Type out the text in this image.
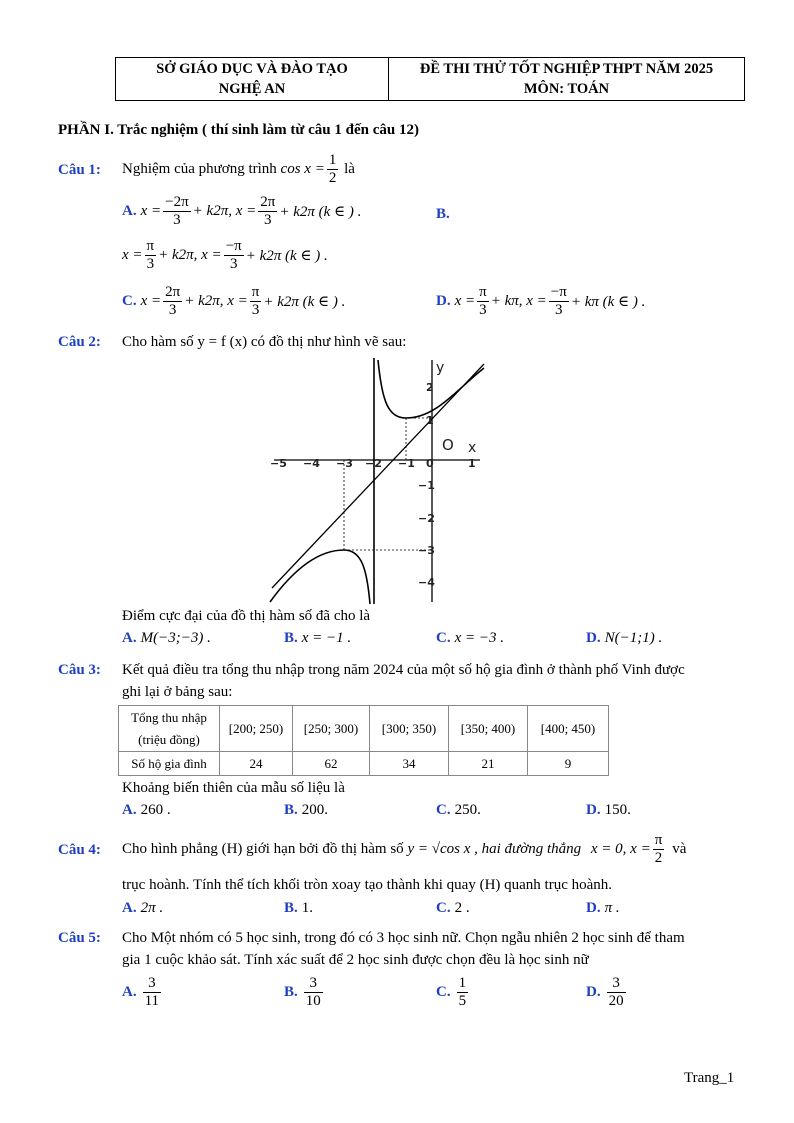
SỞ GIÁO DỤC VÀ ĐÀO TẠO
NGHỆ AN

ĐỀ THI THỬ TỐT NGHIỆP THPT NĂM 2025
MÔN: TOÁN
PHẦN I. Trắc nghiệm ( thí sinh làm từ câu 1 đến câu 12)
Câu 1: Nghiệm của phương trình
$\cos x = \frac{1}{2}$
là
A. $x = \frac{-2\pi}{3} + k2\pi$, $x = \frac{2\pi}{3} + k2\pi$ (k ∈ ) .	B.
$x = \frac{\pi}{3} + k2\pi$, $x = \frac{-\pi}{3} + k2\pi$ (k ∈ ) .
C. $x = \frac{2\pi}{3} + k2\pi$, $x = \frac{\pi}{3} + k2\pi$ (k ∈ ) .	D. $x = \frac{\pi}{3} + k\pi$, $x = \frac{-\pi}{3} + k\pi$ (k ∈ ) .
Câu 2: Cho hàm số y = f (x) có đồ thị như hình vẽ sau:
y
x
O
−5 −4 −3 −2 −1 0	1
2
1
−1
−2
−3
−4
Điểm cực đại của đồ thị hàm số đã cho là
A. M(−3;−3) .	B. x = −1 .	C. x = −3 .	D. N(−1;1) .
Câu 3: Kết quả điều tra tổng thu nhập trong năm 2024 của một số hộ gia đình ở thành phố Vinh được
ghi lại ở bảng sau:
Tổng thu nhập
(triệu đồng)	[200; 250)	[250; 300)	[300; 350)	[350; 400)	[400; 450)
Số hộ gia đình	24	62	34	21	9
Khoảng biến thiên của mẫu số liệu là
A. 260 .	B. 200.	C. 250.	D. 150.
Câu 4: Cho hình phẳng (H) giới hạn bởi đồ thị hàm số
y = √cos x , hai đường thẳng
x = 0, $x = \frac{\pi}{2}$ và
trục hoành. Tính thể tích khối tròn xoay tạo thành khi quay (H) quanh trục hoành.
A. 2π .	B. 1.	C. 2 .	D. π .
Câu 5: Cho Một nhóm có 5 học sinh, trong đó có 3 học sinh nữ. Chọn ngẫu nhiên 2 học sinh để tham
gia 1 cuộc khảo sát. Tính xác suất để 2 học sinh được chọn đều là học sinh nữ
A. $\frac{3}{11}$	B. $\frac{3}{10}$	C. $\frac{1}{5}$	D. $\frac{3}{20}$
Trang_1
